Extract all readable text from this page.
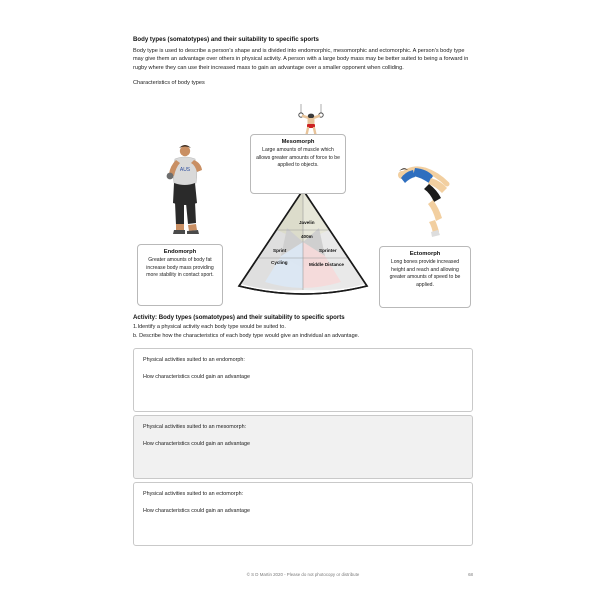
Body types (somatotypes) and their suitability to specific sports

Body type is used to describe a person's shape and is divided into endomorphic, mesomorphic and ectomorphic. A person's body type may give them an advantage over others in physical activity. A person with a large body mass may be better suited to being a forward in rugby where they can use their increased mass to gain an advantage over a smaller opponent when colliding.

Characteristics of body types

AUS
Javelin
400m
Sprint	Sprinter
Cycling	Middle Distance
Mesomorph
Large amounts of muscle which allows greater amounts of force to be applied to objects.
Endomorph
Greater amounts of body fat increase body mass providing more stability in contact sport.
Ectomorph
Long bones provide increased height and reach and allowing greater amounts of speed to be applied.
Activity: Body types (somatotypes) and their suitability to specific sports

1.Identify a physical activity each body type would be suited to.

b. Describe how the characteristics of each body type would give an individual an advantage.

Physical activities suited to an endomorph:

How characteristics could gain an advantage

Physical activities suited to an mesomorph:

How characteristics could gain an advantage

Physical activities suited to an ectomorph:

How characteristics could gain an advantage

© S D Martin 2020 - Please do not photocopy or distribute	68
